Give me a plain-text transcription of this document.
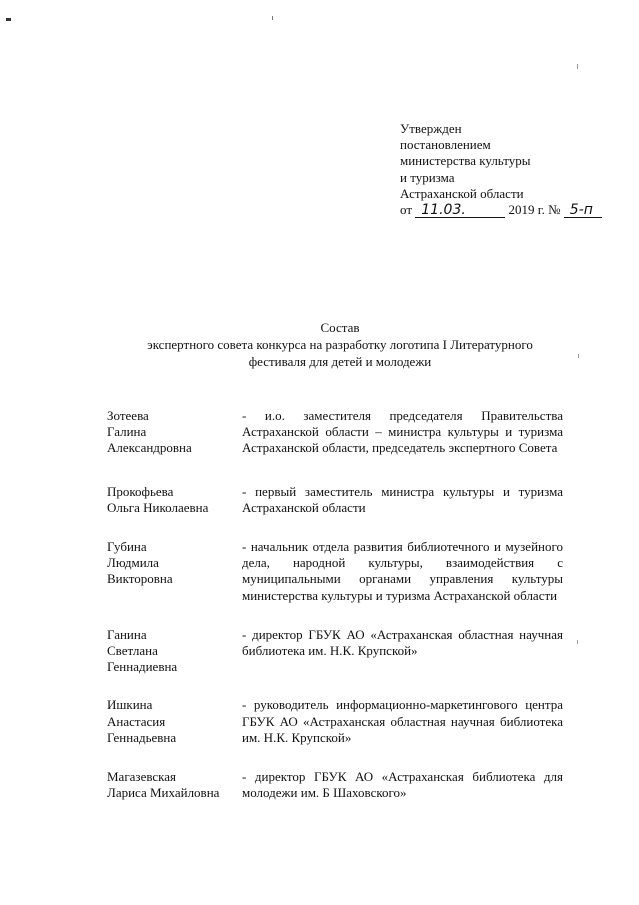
Утвержден
постановлением
министерства культуры
и туризма
Астраханской области
от 11.03.	2019 г. № 5-п
Состав
экспертного совета конкурса на разработку логотипа I Литературного
фестиваля для детей и молодежи
Зотеева
Галина
Александровна
- и.о. заместителя председателя Правительства Астраханской области – министра культуры и туризма Астраханской области, председатель экспертного Совета
Прокофьева
Ольга Николаевна
- первый заместитель министра культуры и туризма Астраханской области
Губина
Людмила
Викторовна
- начальник отдела развития библиотечного и музейного дела, народной культуры, взаимодействия с муниципальными органами управления культуры министерства культуры и туризма Астраханской области
Ганина
Светлана
Геннадиевна
- директор ГБУК АО «Астраханская областная научная библиотека им. Н.К. Крупской»
Ишкина
Анастасия
Геннадьевна
- руководитель информационно-маркетингового центра ГБУК АО «Астраханская областная научная библиотека им. Н.К. Крупской»
Магазевская
Лариса Михайловна
- директор ГБУК АО «Астраханская библиотека для молодежи им. Б Шаховского»
